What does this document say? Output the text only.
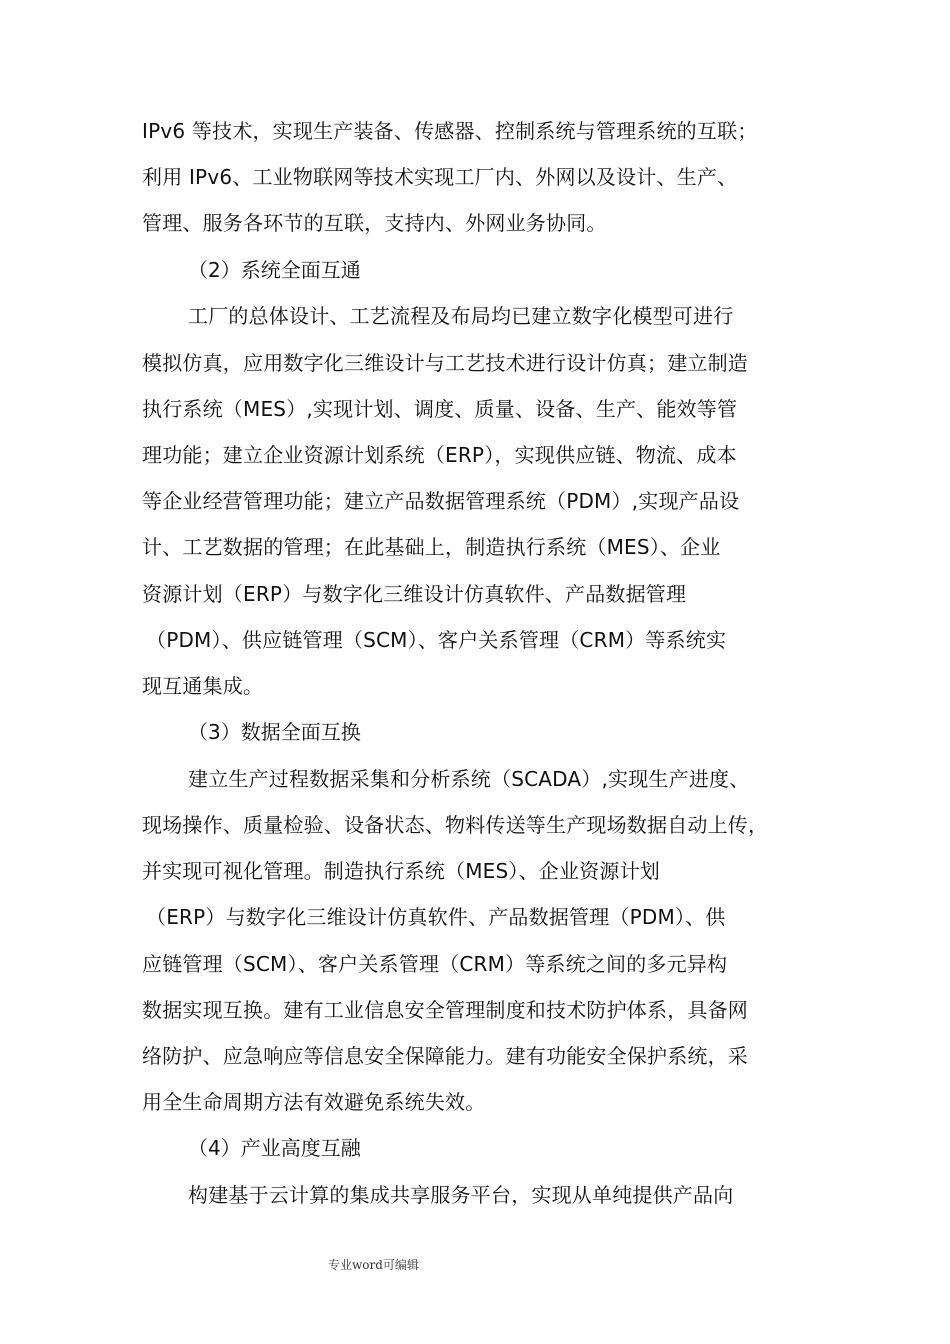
IPv6 等技术，实现生产装备、传感器、控制系统与管理系统的互联；
利用 IPv6、工业物联网等技术实现工厂内、外网以及设计、生产、
管理、服务各环节的互联，支持内、外网业务协同。
（2）系统全面互通
工厂的总体设计、工艺流程及布局均已建立数字化模型可进行
模拟仿真，应用数字化三维设计与工艺技术进行设计仿真；建立制造
执行系统（MES）,实现计划、调度、质量、设备、生产、能效等管
理功能；建立企业资源计划系统（ERP），实现供应链、物流、成本
等企业经营管理功能；建立产品数据管理系统（PDM）,实现产品设
计、工艺数据的管理；在此基础上，制造执行系统（MES）、企业
资源计划（ERP）与数字化三维设计仿真软件、产品数据管理
（PDM）、供应链管理（SCM）、客户关系管理（CRM）等系统实
现互通集成。
（3）数据全面互换
建立生产过程数据采集和分析系统（SCADA）,实现生产进度、
现场操作、质量检验、设备状态、物料传送等生产现场数据自动上传，
并实现可视化管理。制造执行系统（MES）、企业资源计划
（ERP）与数字化三维设计仿真软件、产品数据管理（PDM）、供
应链管理（SCM）、客户关系管理（CRM）等系统之间的多元异构
数据实现互换。建有工业信息安全管理制度和技术防护体系，具备网
络防护、应急响应等信息安全保障能力。建有功能安全保护系统，采
用全生命周期方法有效避免系统失效。
（4）产业高度互融
构建基于云计算的集成共享服务平台，实现从单纯提供产品向
专业word可编辑
